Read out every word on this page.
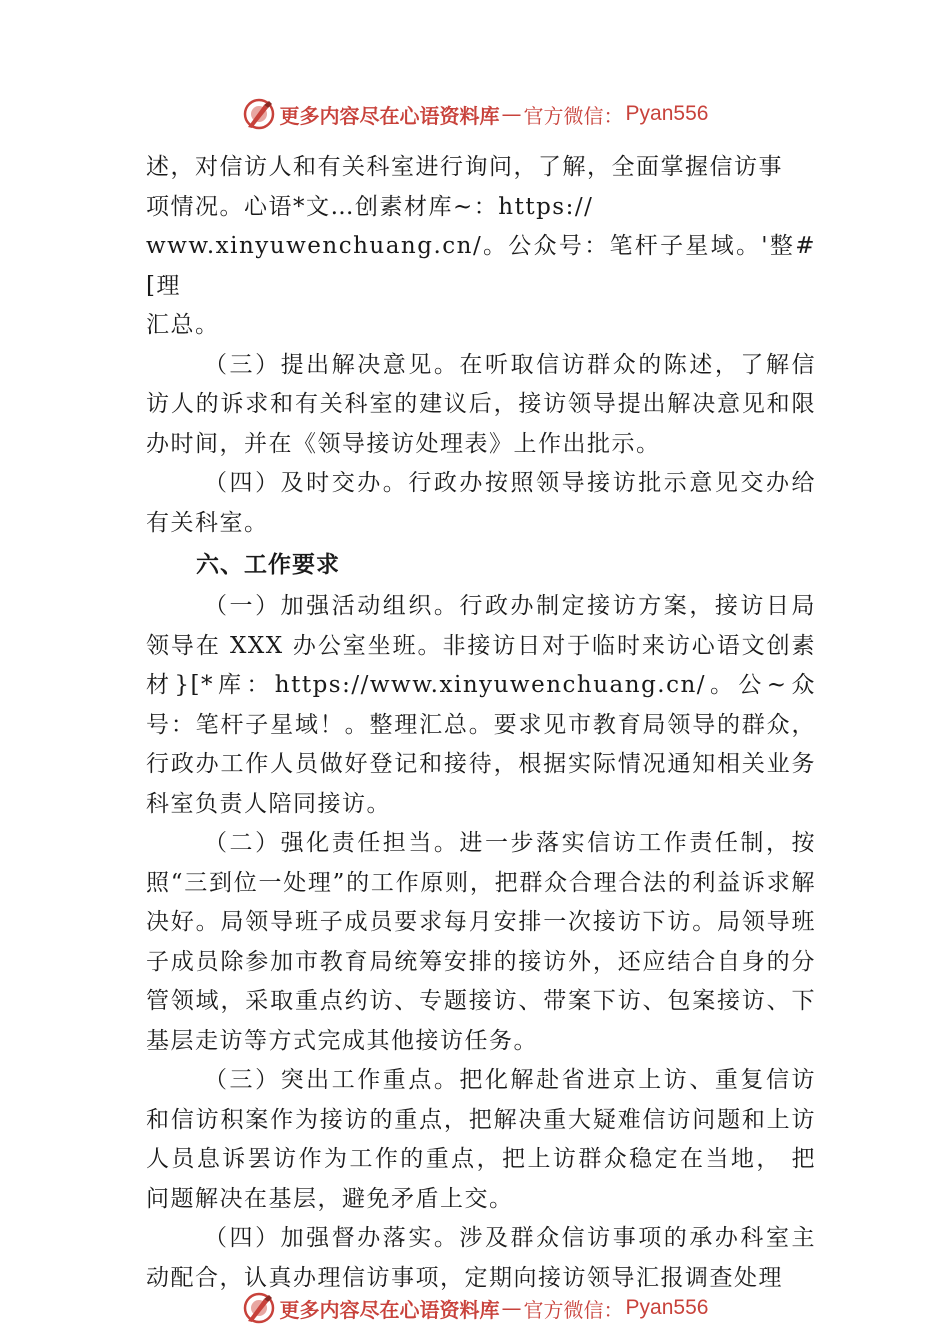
更多内容尽在心语资料库 — 官方微信： Pyan556

述，对信访人和有关科室进行询问，了解，全面掌握信访事
项情况。心语*文…创素材库~：https://
www.xinyuwenchuang.cn/。公众号：笔杆子星域。'整#[理
汇总。

（三）提出解决意见。在听取信访群众的陈述，了解信访人的诉求和有关科室的建议后，接访领导提出解决意见和限办时间，并在《领导接访处理表》上作出批示。

（四）及时交办。行政办按照领导接访批示意见交办给有关科室。

六、工作要求

（一）加强活动组织。行政办制定接访方案，接访日局领导在 XXX 办公室坐班。非接访日对于临时来访心语文创素材}[*库：https://www.xinyuwenchuang.cn/。公~众号：笔杆子星域！。整理汇总。要求见市教育局领导的群众，行政办工作人员做好登记和接待，根据实际情况通知相关业务科室负责人陪同接访。

（二）强化责任担当。进一步落实信访工作责任制，按照“三到位一处理”的工作原则，把群众合理合法的利益诉求解决好。局领导班子成员要求每月安排一次接访下访。局领导班子成员除参加市教育局统筹安排的接访外，还应结合自身的分管领域，采取重点约访、专题接访、带案下访、包案接访、下基层走访等方式完成其他接访任务。

（三）突出工作重点。把化解赴省进京上访、重复信访和信访积案作为接访的重点，把解决重大疑难信访问题和上访人员息诉罢访作为工作的重点，把上访群众稳定在当地， 把问题解决在基层，避免矛盾上交。

（四）加强督办落实。涉及群众信访事项的承办科室主动配合，认真办理信访事项，定期向接访领导汇报调查处理

更多内容尽在心语资料库 — 官方微信： Pyan556
